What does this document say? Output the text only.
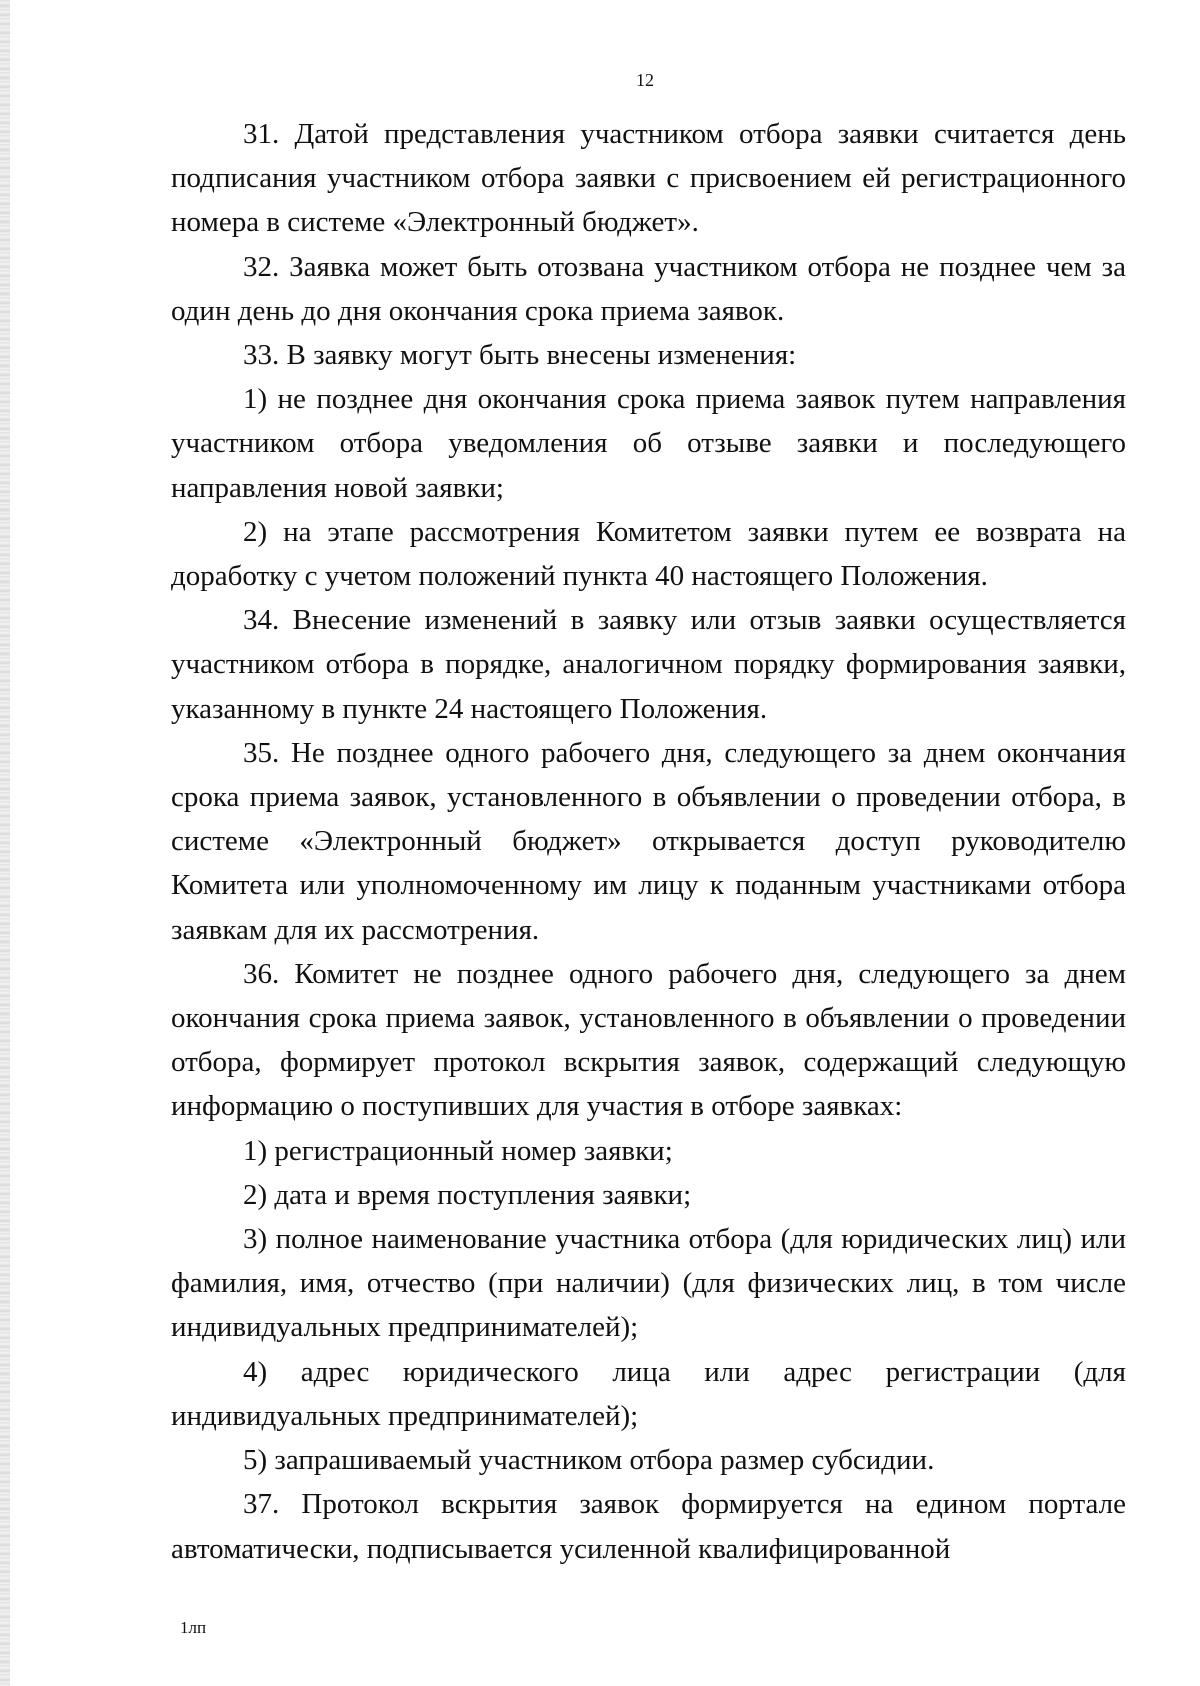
12

31. Датой представления участником отбора заявки считается день подписания участником отбора заявки с присвоением ей регистрационного номера в системе «Электронный бюджет».

32. Заявка может быть отозвана участником отбора не позднее чем за один день до дня окончания срока приема заявок.

33. В заявку могут быть внесены изменения:

1) не позднее дня окончания срока приема заявок путем направления участником отбора уведомления об отзыве заявки и последующего направления новой заявки;

2) на этапе рассмотрения Комитетом заявки путем ее возврата на доработку с учетом положений пункта 40 настоящего Положения.

34. Внесение изменений в заявку или отзыв заявки осуществляется участником отбора в порядке, аналогичном порядку формирования заявки, указанному в пункте 24 настоящего Положения.

35. Не позднее одного рабочего дня, следующего за днем окончания срока приема заявок, установленного в объявлении о проведении отбора, в системе «Электронный бюджет» открывается доступ руководителю Комитета или уполномоченному им лицу к поданным участниками отбора заявкам для их рассмотрения.

36. Комитет не позднее одного рабочего дня, следующего за днем окончания срока приема заявок, установленного в объявлении о проведении отбора, формирует протокол вскрытия заявок, содержащий следующую информацию о поступивших для участия в отборе заявках:

1) регистрационный номер заявки;

2) дата и время поступления заявки;

3) полное наименование участника отбора (для юридических лиц) или фамилия, имя, отчество (при наличии) (для физических лиц, в том числе индивидуальных предпринимателей);

4) адрес юридического лица или адрес регистрации (для индивидуальных предпринимателей);

5) запрашиваемый участником отбора размер субсидии.

37. Протокол вскрытия заявок формируется на едином портале автоматически, подписывается усиленной квалифицированной

1лп
